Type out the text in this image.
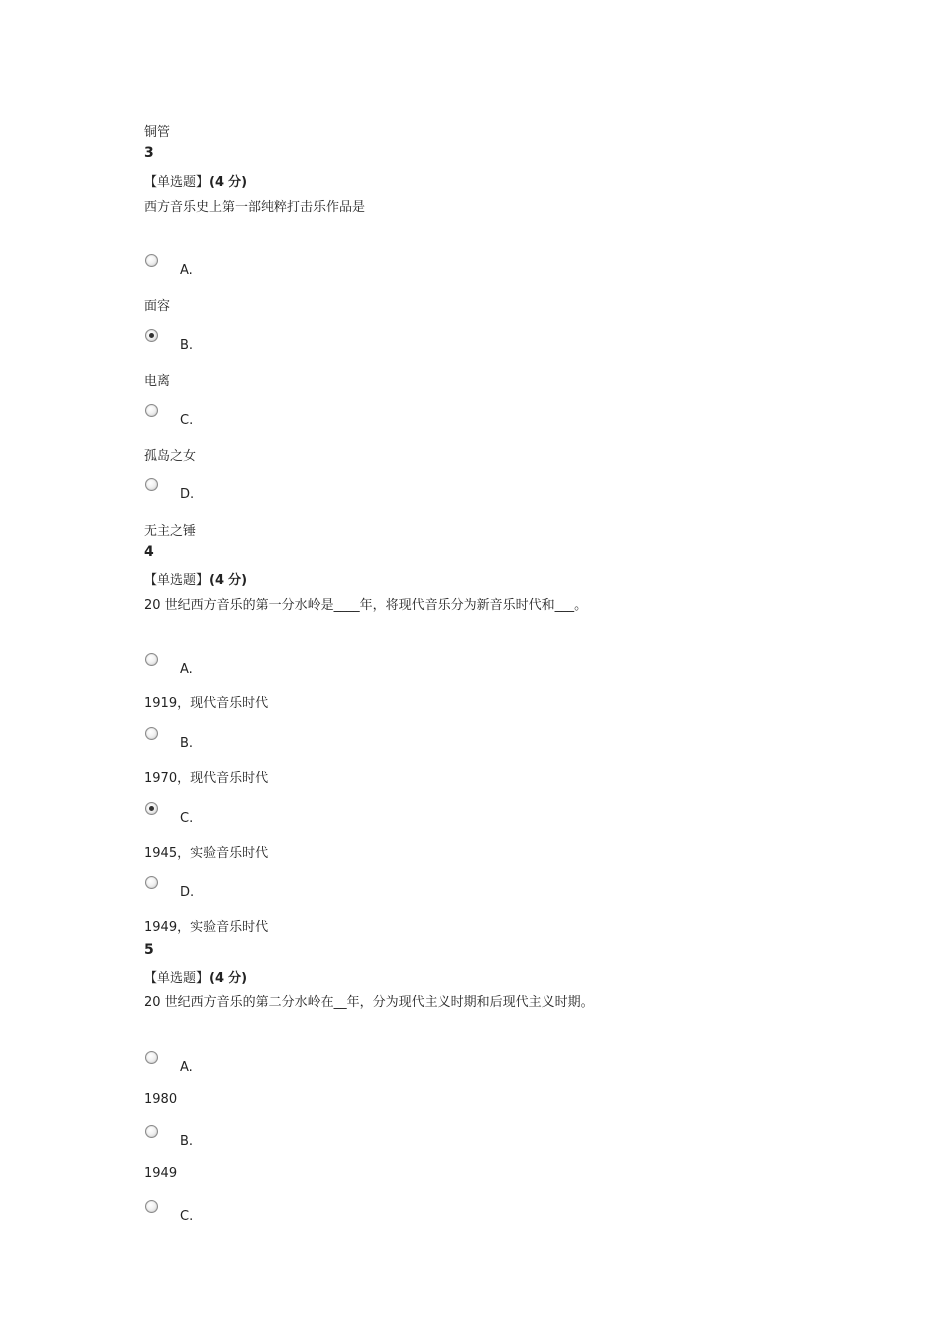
铜管
3
【单选题】(4 分)
西方音乐史上第一部纯粹打击乐作品是
A.
面容
B.
电离
C.
孤岛之女
D.
无主之锤
4
【单选题】(4 分)
20 世纪西方音乐的第一分水岭是____年，将现代音乐分为新音乐时代和___。
A.
1919，现代音乐时代
B.
1970，现代音乐时代
C.
1945，实验音乐时代
D.
1949，实验音乐时代
5
【单选题】(4 分)
20 世纪西方音乐的第二分水岭在__年，分为现代主义时期和后现代主义时期。
A.
1980
B.
1949
C.
